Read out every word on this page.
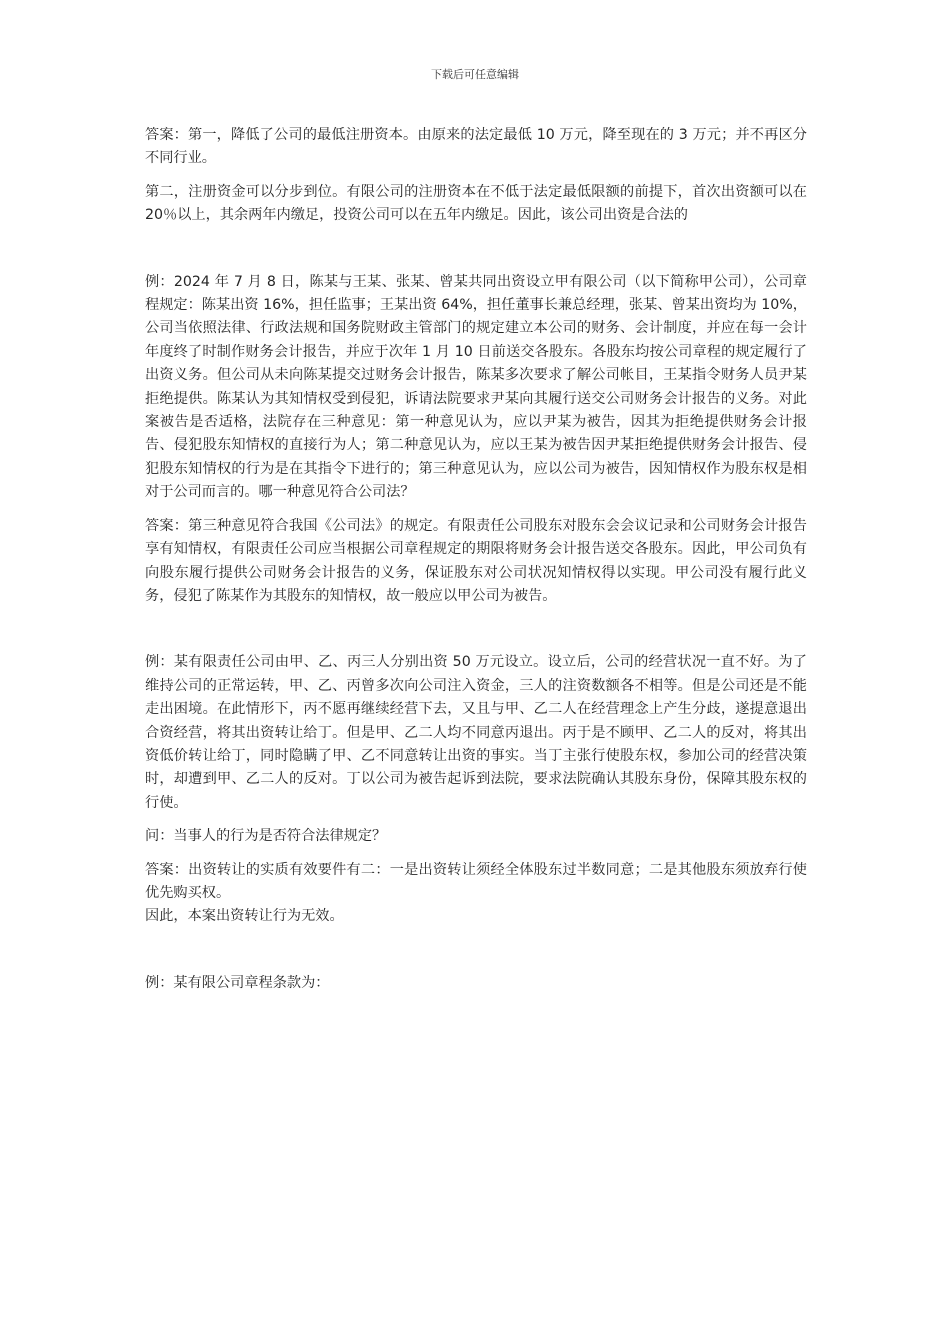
下载后可任意编辑

答案：第一，降低了公司的最低注册资本。由原来的法定最低 10 万元，降至现在的 3 万元；并不再区分不同行业。

第二，注册资金可以分步到位。有限公司的注册资本在不低于法定最低限额的前提下，首次出资额可以在 20％以上，其余两年内缴足，投资公司可以在五年内缴足。因此，该公司出资是合法的

例：2024 年 7 月 8 日，陈某与王某、张某、曾某共同出资设立甲有限公司（以下简称甲公司），公司章程规定：陈某出资 16%，担任监事；王某出资 64%，担任董事长兼总经理，张某、曾某出资均为 10%，公司当依照法律、行政法规和国务院财政主管部门的规定建立本公司的财务、会计制度，并应在每一会计年度终了时制作财务会计报告，并应于次年 1 月 10 日前送交各股东。各股东均按公司章程的规定履行了出资义务。但公司从未向陈某提交过财务会计报告，陈某多次要求了解公司帐目，王某指令财务人员尹某拒绝提供。陈某认为其知情权受到侵犯，诉请法院要求尹某向其履行送交公司财务会计报告的义务。对此案被告是否适格，法院存在三种意见：第一种意见认为，应以尹某为被告，因其为拒绝提供财务会计报告、侵犯股东知情权的直接行为人；第二种意见认为，应以王某为被告因尹某拒绝提供财务会计报告、侵犯股东知情权的行为是在其指令下进行的；第三种意见认为，应以公司为被告，因知情权作为股东权是相对于公司而言的。哪一种意见符合公司法？

答案：第三种意见符合我国《公司法》的规定。有限责任公司股东对股东会会议记录和公司财务会计报告享有知情权，有限责任公司应当根据公司章程规定的期限将财务会计报告送交各股东。因此，甲公司负有向股东履行提供公司财务会计报告的义务，保证股东对公司状况知情权得以实现。甲公司没有履行此义务，侵犯了陈某作为其股东的知情权，故一般应以甲公司为被告。

例：某有限责任公司由甲、乙、丙三人分别出资 50 万元设立。设立后，公司的经营状况一直不好。为了维持公司的正常运转，甲、乙、丙曾多次向公司注入资金，三人的注资数额各不相等。但是公司还是不能走出困境。在此情形下，丙不愿再继续经营下去，又且与甲、乙二人在经营理念上产生分歧，遂提意退出合资经营，将其出资转让给丁。但是甲、乙二人均不同意丙退出。丙于是不顾甲、乙二人的反对，将其出资低价转让给丁，同时隐瞒了甲、乙不同意转让出资的事实。当丁主张行使股东权，参加公司的经营决策时，却遭到甲、乙二人的反对。丁以公司为被告起诉到法院，要求法院确认其股东身份，保障其股东权的行使。

问：当事人的行为是否符合法律规定？

答案：出资转让的实质有效要件有二：一是出资转让须经全体股东过半数同意；二是其他股东须放弃行使优先购买权。

因此，本案出资转让行为无效。

例：某有限公司章程条款为：
